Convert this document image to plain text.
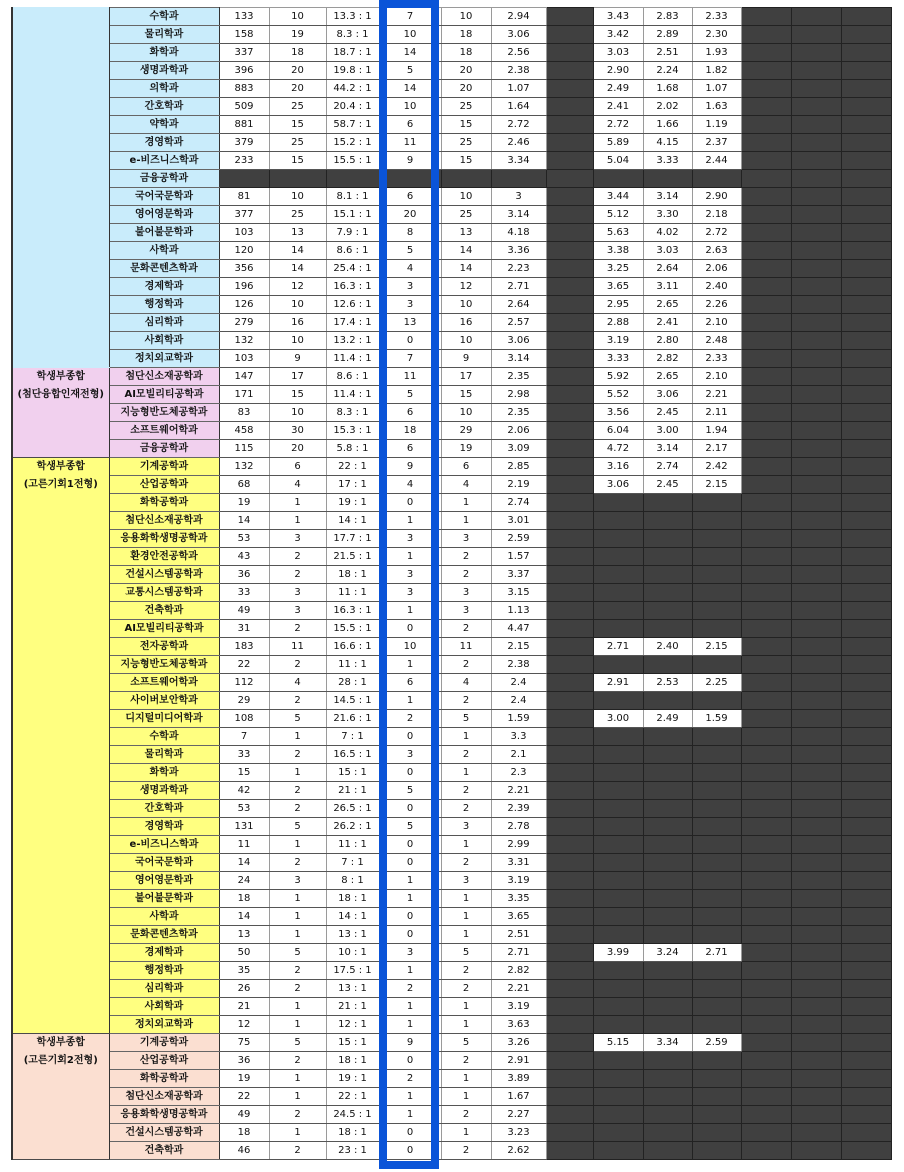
	수학과	133	10	13.3 : 1	7	10	2.94		3.43	2.83	2.33			
	물리학과	158	19	8.3 : 1	10	18	3.06		3.42	2.89	2.30			
	화학과	337	18	18.7 : 1	14	18	2.56		3.03	2.51	1.93			
	생명과학과	396	20	19.8 : 1	5	20	2.38		2.90	2.24	1.82			
	의학과	883	20	44.2 : 1	14	20	1.07		2.49	1.68	1.07			
	간호학과	509	25	20.4 : 1	10	25	1.64		2.41	2.02	1.63			
	약학과	881	15	58.7 : 1	6	15	2.72		2.72	1.66	1.19			
	경영학과	379	25	15.2 : 1	11	25	2.46		5.89	4.15	2.37			
	e-비즈니스학과	233	15	15.5 : 1	9	15	3.34		5.04	3.33	2.44			
	금융공학과													
	국어국문학과	81	10	8.1 : 1	6	10	3		3.44	3.14	2.90			
	영어영문학과	377	25	15.1 : 1	20	25	3.14		5.12	3.30	2.18			
	불어불문학과	103	13	7.9 : 1	8	13	4.18		5.63	4.02	2.72			
	사학과	120	14	8.6 : 1	5	14	3.36		3.38	3.03	2.63			
	문화콘텐츠학과	356	14	25.4 : 1	4	14	2.23		3.25	2.64	2.06			
	경제학과	196	12	16.3 : 1	3	12	2.71		3.65	3.11	2.40			
	행정학과	126	10	12.6 : 1	3	10	2.64		2.95	2.65	2.26			
	심리학과	279	16	17.4 : 1	13	16	2.57		2.88	2.41	2.10			
	사회학과	132	10	13.2 : 1	0	10	3.06		3.19	2.80	2.48			
	정치외교학과	103	9	11.4 : 1	7	9	3.14		3.33	2.82	2.33			

학생부종합
(첨단융합인재전형)	첨단신소재공학과	147	17	8.6 : 1	11	17	2.35		5.92	2.65	2.10			
	AI모빌리티공학과	171	15	11.4 : 1	5	15	2.98		5.52	3.06	2.21			
	지능형반도체공학과	83	10	8.3 : 1	6	10	2.35		3.56	2.45	2.11			
	소프트웨어학과	458	30	15.3 : 1	18	29	2.06		6.04	3.00	1.94			
	금융공학과	115	20	5.8 : 1	6	19	3.09		4.72	3.14	2.17			

학생부종합
(고른기회1전형)	기계공학과	132	6	22 : 1	9	6	2.85		3.16	2.74	2.42			
	산업공학과	68	4	17 : 1	4	4	2.19		3.06	2.45	2.15			
	화학공학과	19	1	19 : 1	0	1	2.74							
	첨단신소재공학과	14	1	14 : 1	1	1	3.01							
	응용화학생명공학과	53	3	17.7 : 1	3	3	2.59							
	환경안전공학과	43	2	21.5 : 1	1	2	1.57							
	건설시스템공학과	36	2	18 : 1	3	2	3.37							
	교통시스템공학과	33	3	11 : 1	3	3	3.15							
	건축학과	49	3	16.3 : 1	1	3	1.13							
	AI모빌리티공학과	31	2	15.5 : 1	0	2	4.47							
	전자공학과	183	11	16.6 : 1	10	11	2.15		2.71	2.40	2.15			
	지능형반도체공학과	22	2	11 : 1	1	2	2.38							
	소프트웨어학과	112	4	28 : 1	6	4	2.4		2.91	2.53	2.25			
	사이버보안학과	29	2	14.5 : 1	1	2	2.4							
	디지털미디어학과	108	5	21.6 : 1	2	5	1.59		3.00	2.49	1.59			
	수학과	7	1	7 : 1	0	1	3.3							
	물리학과	33	2	16.5 : 1	3	2	2.1							
	화학과	15	1	15 : 1	0	1	2.3							
	생명과학과	42	2	21 : 1	5	2	2.21							
	간호학과	53	2	26.5 : 1	0	2	2.39							
	경영학과	131	5	26.2 : 1	5	3	2.78							
	e-비즈니스학과	11	1	11 : 1	0	1	2.99							
	국어국문학과	14	2	7 : 1	0	2	3.31							
	영어영문학과	24	3	8 : 1	1	3	3.19							
	불어불문학과	18	1	18 : 1	1	1	3.35							
	사학과	14	1	14 : 1	0	1	3.65							
	문화콘텐츠학과	13	1	13 : 1	0	1	2.51							
	경제학과	50	5	10 : 1	3	5	2.71		3.99	3.24	2.71			
	행정학과	35	2	17.5 : 1	1	2	2.82							
	심리학과	26	2	13 : 1	2	2	2.21							
	사회학과	21	1	21 : 1	1	1	3.19							
	정치외교학과	12	1	12 : 1	1	1	3.63							

학생부종합
(고른기회2전형)	기계공학과	75	5	15 : 1	9	5	3.26		5.15	3.34	2.59			
	산업공학과	36	2	18 : 1	0	2	2.91							
	화학공학과	19	1	19 : 1	2	1	3.89							
	첨단신소재공학과	22	1	22 : 1	1	1	1.67							
	응용화학생명공학과	49	2	24.5 : 1	1	2	2.27							
	건설시스템공학과	18	1	18 : 1	0	1	3.23							
	건축학과	46	2	23 : 1	0	2	2.62							
